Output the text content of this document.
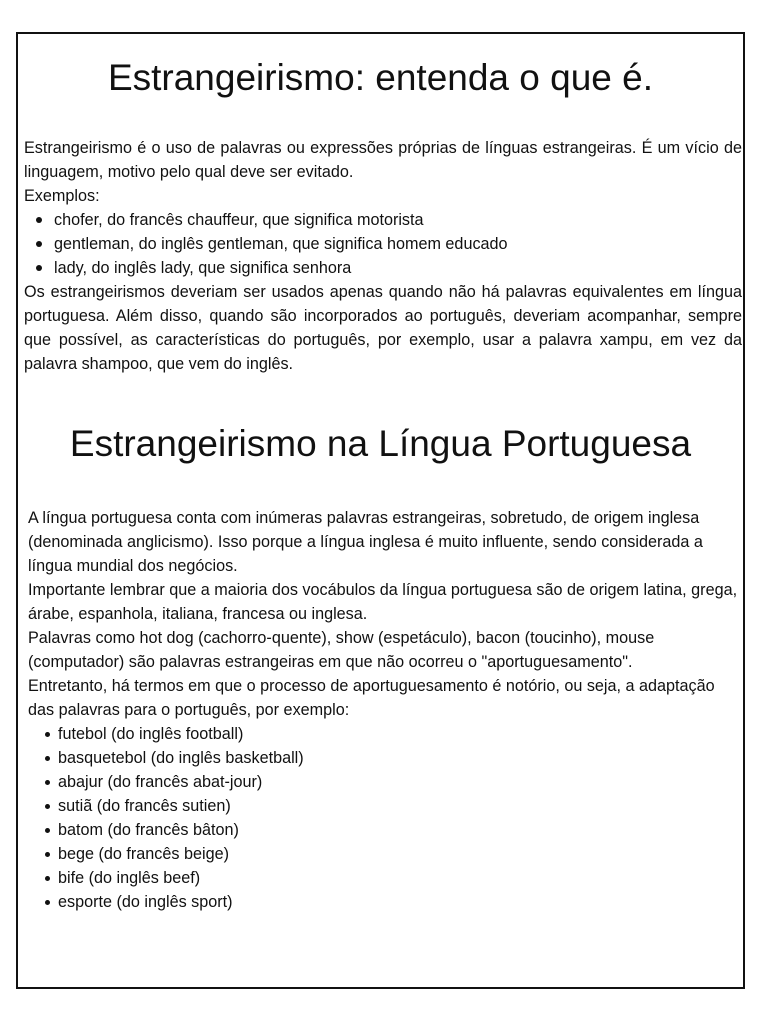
Estrangeirismo: entenda o que é.

Estrangeirismo é o uso de palavras ou expressões próprias de línguas estrangeiras. É um vício de linguagem, motivo pelo qual deve ser evitado.

Exemplos:

chofer, do francês chauffeur, que significa motorista
gentleman, do inglês gentleman, que significa homem educado
lady, do inglês lady, que significa senhora

Os estrangeirismos deveriam ser usados apenas quando não há palavras equivalentes em língua portuguesa. Além disso, quando são incorporados ao português, deveriam acompanhar, sempre que possível, as características do português, por exemplo, usar a palavra xampu, em vez da palavra shampoo, que vem do inglês.

Estrangeirismo na Língua Portuguesa

A língua portuguesa conta com inúmeras palavras estrangeiras, sobretudo, de origem inglesa (denominada anglicismo). Isso porque a língua inglesa é muito influente, sendo considerada a língua mundial dos negócios.

Importante lembrar que a maioria dos vocábulos da língua portuguesa são de origem latina, grega, árabe, espanhola, italiana, francesa ou inglesa.

Palavras como hot dog (cachorro-quente), show (espetáculo), bacon (toucinho), mouse (computador) são palavras estrangeiras em que não ocorreu o "aportuguesamento".

Entretanto, há termos em que o processo de aportuguesamento é notório, ou seja, a adaptação das palavras para o português, por exemplo:

futebol (do inglês football)
basquetebol (do inglês basketball)
abajur (do francês abat-jour)
sutiã (do francês sutien)
batom (do francês bâton)
bege (do francês beige)
bife (do inglês beef)
esporte (do inglês sport)
